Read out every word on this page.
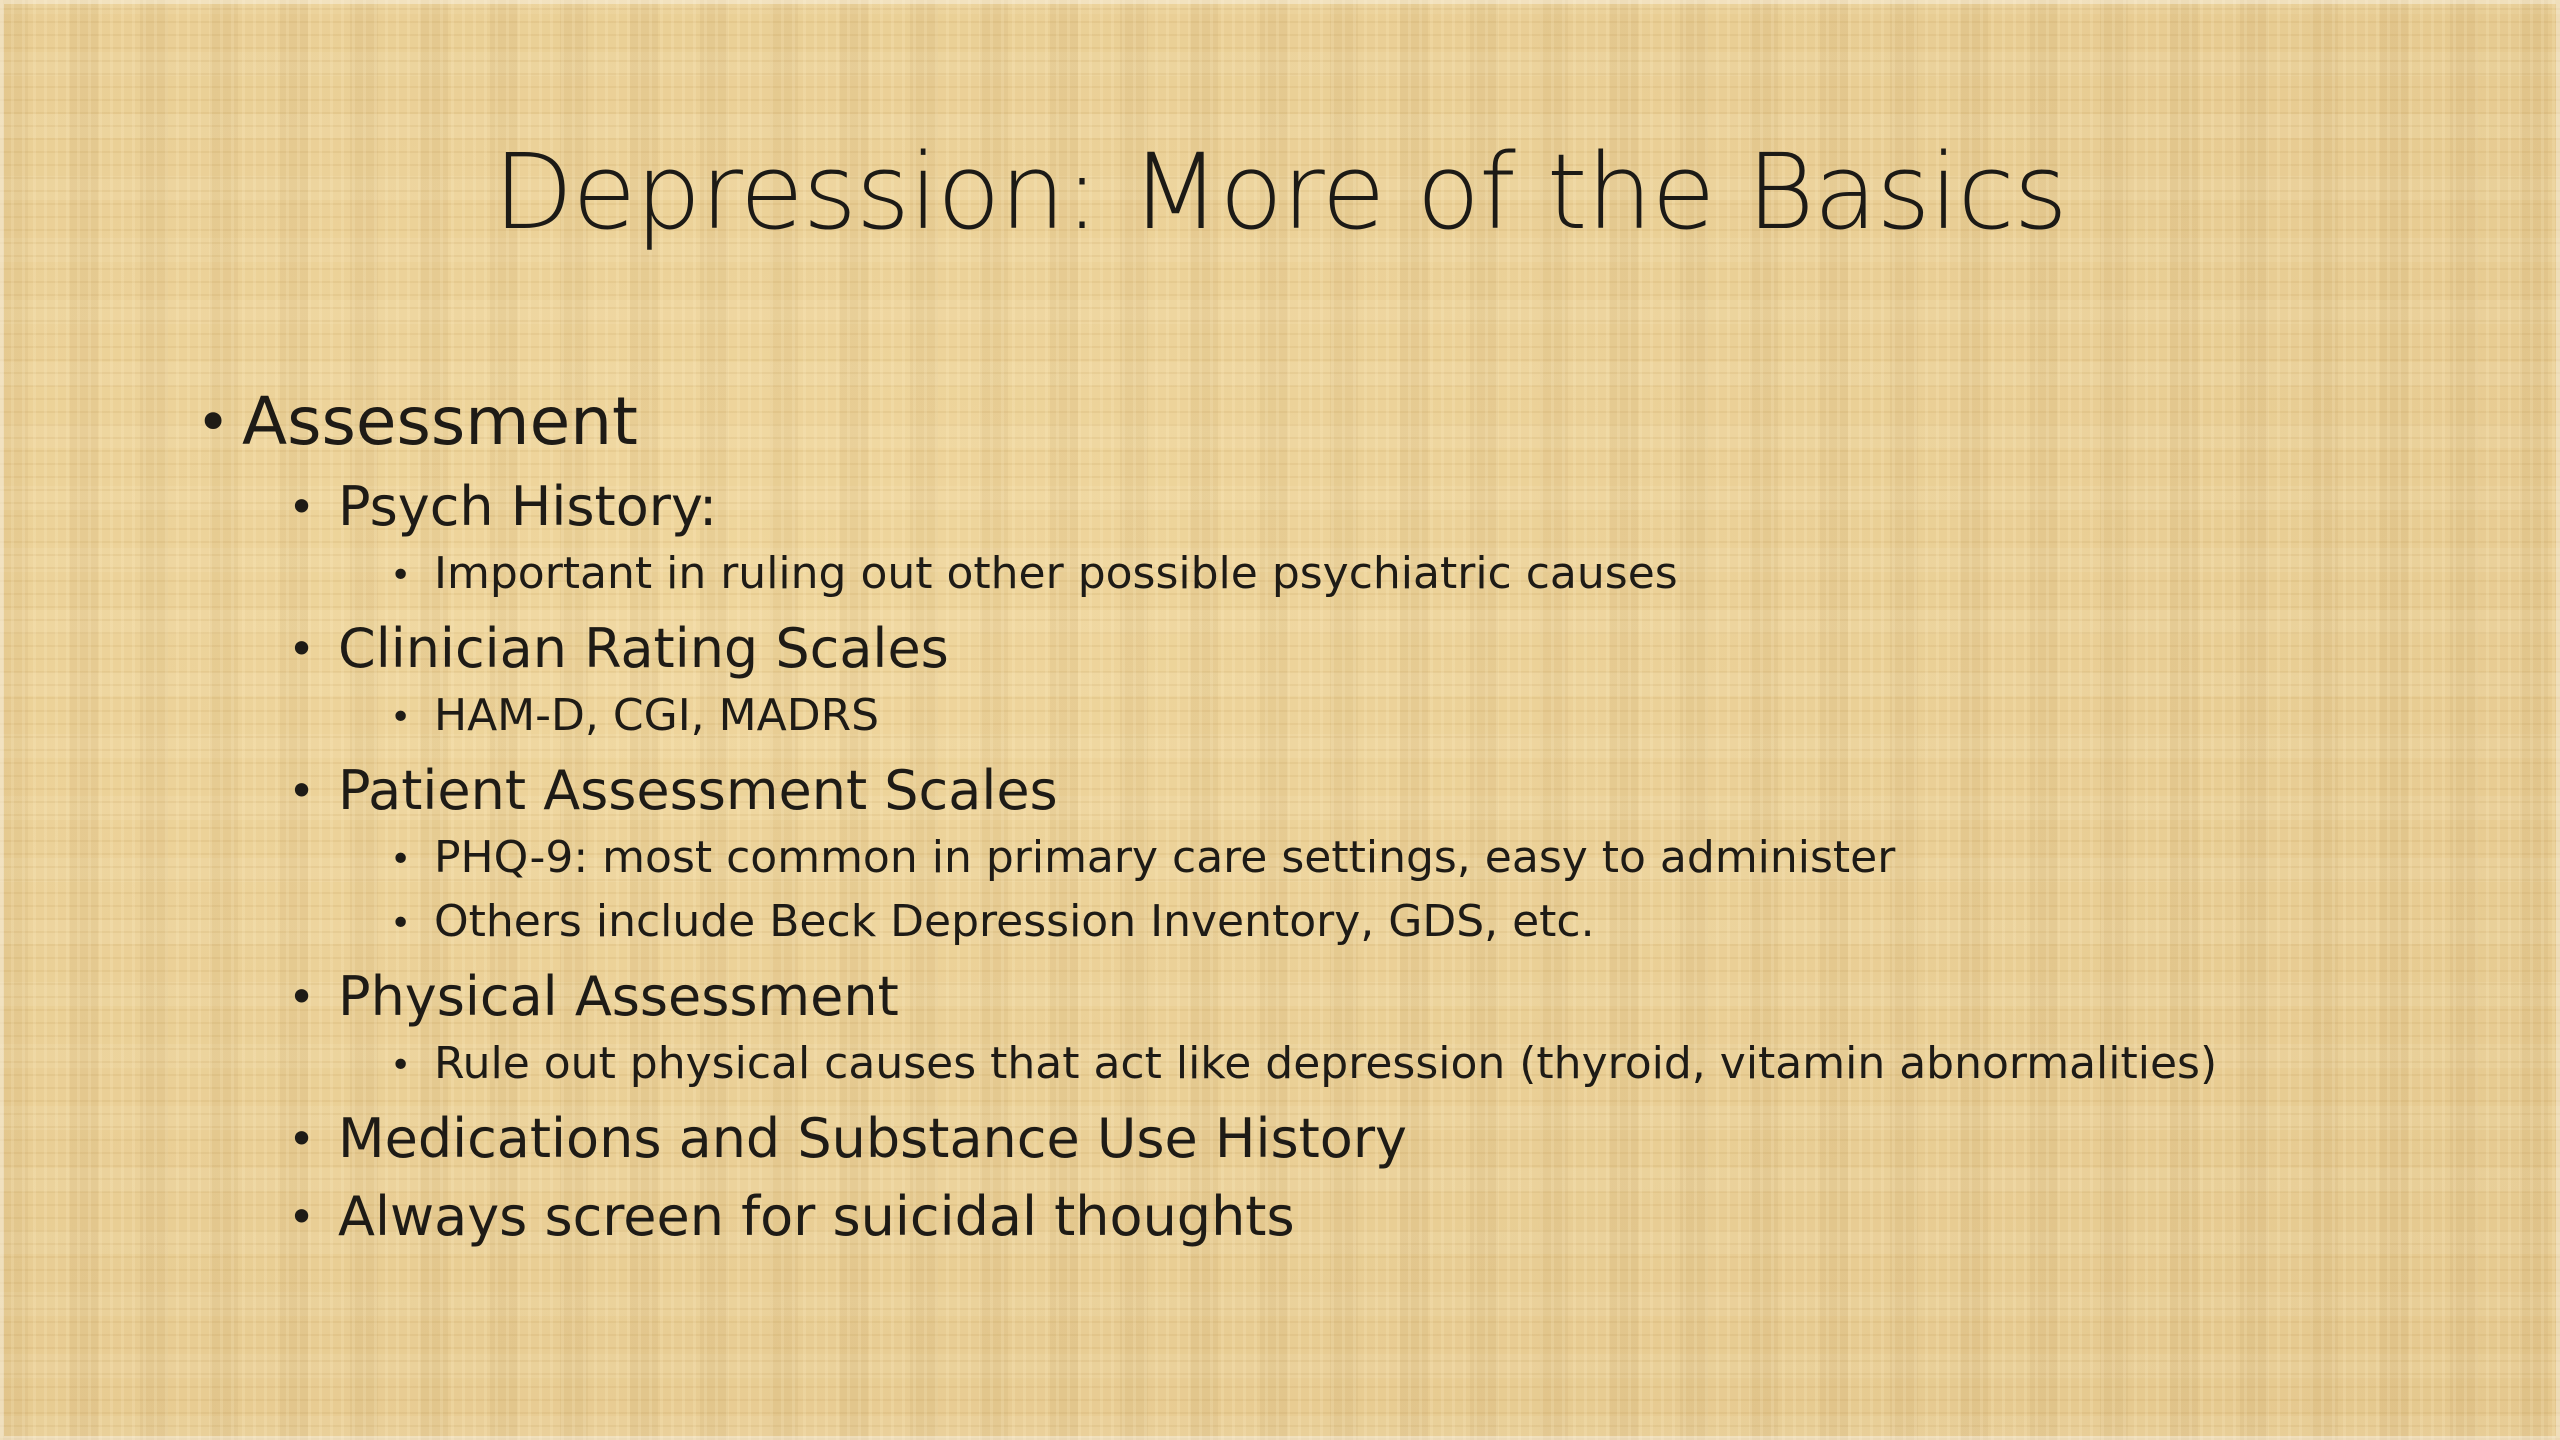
Depression: More of the Basics
• Assessment
• Psych History:
• Important in ruling out other possible psychiatric causes
• Clinician Rating Scales
• HAM-D, CGI, MADRS
• Patient Assessment Scales
• PHQ-9: most common in primary care settings, easy to administer
• Others include Beck Depression Inventory, GDS, etc.
• Physical Assessment
• Rule out physical causes that act like depression (thyroid, vitamin abnormalities)
• Medications and Substance Use History
• Always screen for suicidal thoughts
